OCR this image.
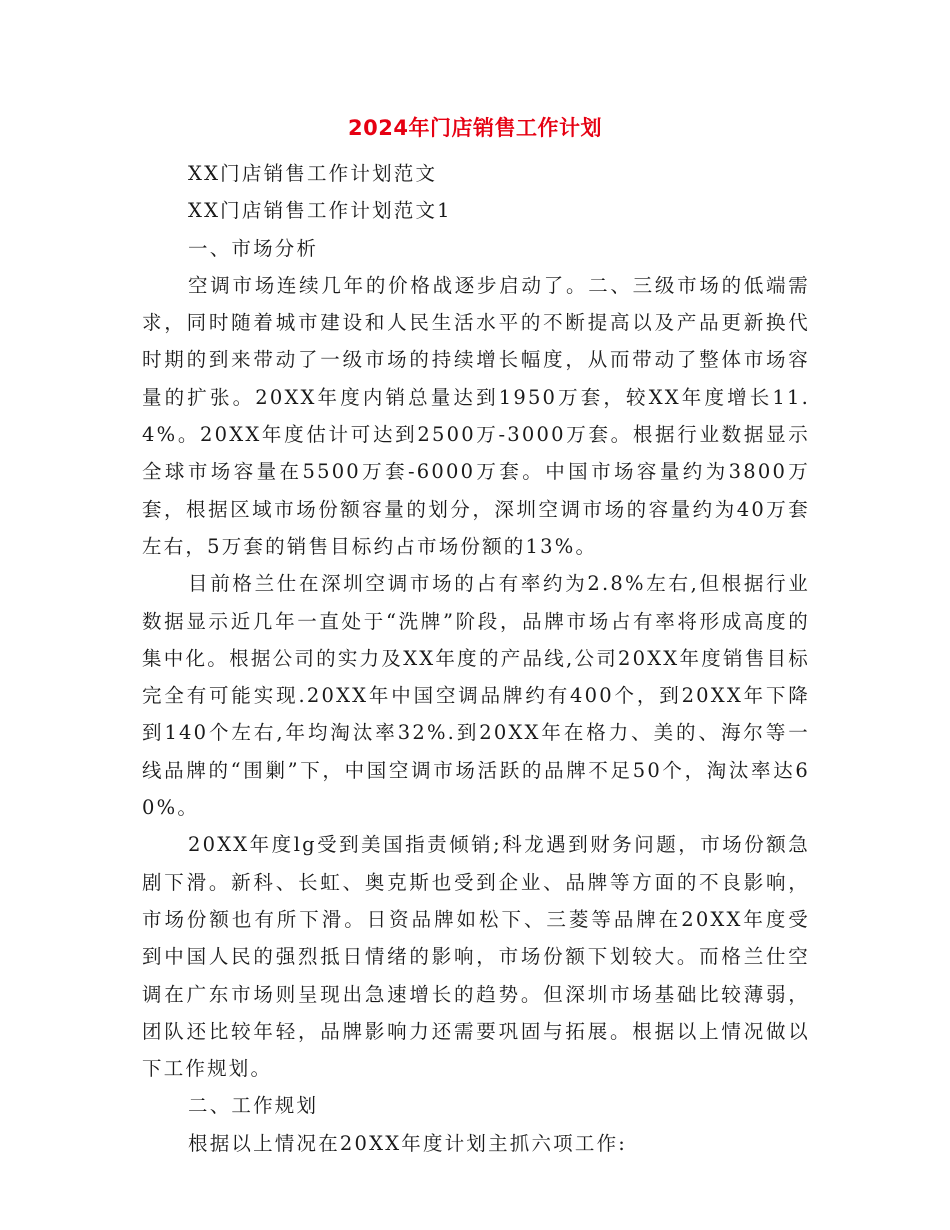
2024年门店销售工作计划

XX门店销售工作计划范文

XX门店销售工作计划范文1

一、市场分析

空调市场连续几年的价格战逐步启动了。二、三级市场的低端需求，同时随着城市建设和人民生活水平的不断提高以及产品更新换代时期的到来带动了一级市场的持续增长幅度，从而带动了整体市场容量的扩张。20XX年度内销总量达到1950万套，较XX年度增长11.4%。20XX年度估计可达到2500万-3000万套。根据行业数据显示全球市场容量在5500万套-6000万套。中国市场容量约为3800万套，根据区域市场份额容量的划分，深圳空调市场的容量约为40万套左右，5万套的销售目标约占市场份额的13%。

目前格兰仕在深圳空调市场的占有率约为2.8%左右,但根据行业数据显示近几年一直处于“洗牌”阶段，品牌市场占有率将形成高度的集中化。根据公司的实力及XX年度的产品线,公司20XX年度销售目标完全有可能实现.20XX年中国空调品牌约有400个，到20XX年下降到140个左右,年均淘汰率32%.到20XX年在格力、美的、海尔等一线品牌的“围剿”下，中国空调市场活跃的品牌不足50个，淘汰率达60%。

20XX年度lg受到美国指责倾销;科龙遇到财务问题，市场份额急剧下滑。新科、长虹、奥克斯也受到企业、品牌等方面的不良影响，市场份额也有所下滑。日资品牌如松下、三菱等品牌在20XX年度受到中国人民的强烈抵日情绪的影响，市场份额下划较大。而格兰仕空调在广东市场则呈现出急速增长的趋势。但深圳市场基础比较薄弱，团队还比较年轻，品牌影响力还需要巩固与拓展。根据以上情况做以下工作规划。

二、工作规划

根据以上情况在20XX年度计划主抓六项工作:
